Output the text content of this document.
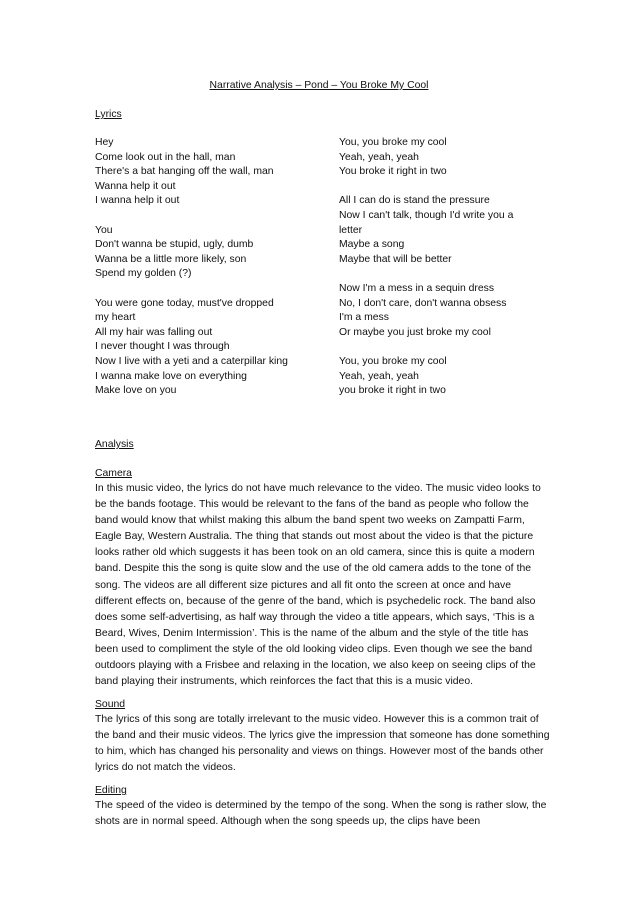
Narrative Analysis – Pond – You Broke My Cool
Lyrics
Hey
Come look out in the hall, man
There's a bat hanging off the wall, man
Wanna help it out
I wanna help it out
You
Don't wanna be stupid, ugly, dumb
Wanna be a little more likely, son
Spend my golden (?)
You were gone today, must've dropped
my heart
All my hair was falling out
I never thought I was through
Now I live with a yeti and a caterpillar king
I wanna make love on everything
Make love on you
You, you broke my cool
Yeah, yeah, yeah
You broke it right in two
All I can do is stand the pressure
Now I can't talk, though I'd write you a
letter
Maybe a song
Maybe that will be better
Now I'm a mess in a sequin dress
No, I don't care, don't wanna obsess
I'm a mess
Or maybe you just broke my cool
You, you broke my cool
Yeah, yeah, yeah
you broke it right in two
Analysis
Camera
In this music video, the lyrics do not have much relevance to the video. The music video looks to be the bands footage. This would be relevant to the fans of the band as people who follow the band would know that whilst making this album the band spent two weeks on Zampatti Farm, Eagle Bay, Western Australia. The thing that stands out most about the video is that the picture looks rather old which suggests it has been took on an old camera, since this is quite a modern band. Despite this the song is quite slow and the use of the old camera adds to the tone of the song. The videos are all different size pictures and all fit onto the screen at once and have different effects on, because of the genre of the band, which is psychedelic rock. The band also does some self-advertising, as half way through the video a title appears, which says, ‘This is a Beard, Wives, Denim Intermission’. This is the name of the album and the style of the title has been used to compliment the style of the old looking video clips. Even though we see the band outdoors playing with a Frisbee and relaxing in the location, we also keep on seeing clips of the band playing their instruments, which reinforces the fact that this is a music video.
Sound
The lyrics of this song are totally irrelevant to the music video. However this is a common trait of the band and their music videos. The lyrics give the impression that someone has done something to him, which has changed his personality and views on things. However most of the bands other lyrics do not match the videos.
Editing
The speed of the video is determined by the tempo of the song. When the song is rather slow, the shots are in normal speed. Although when the song speeds up, the clips have been
